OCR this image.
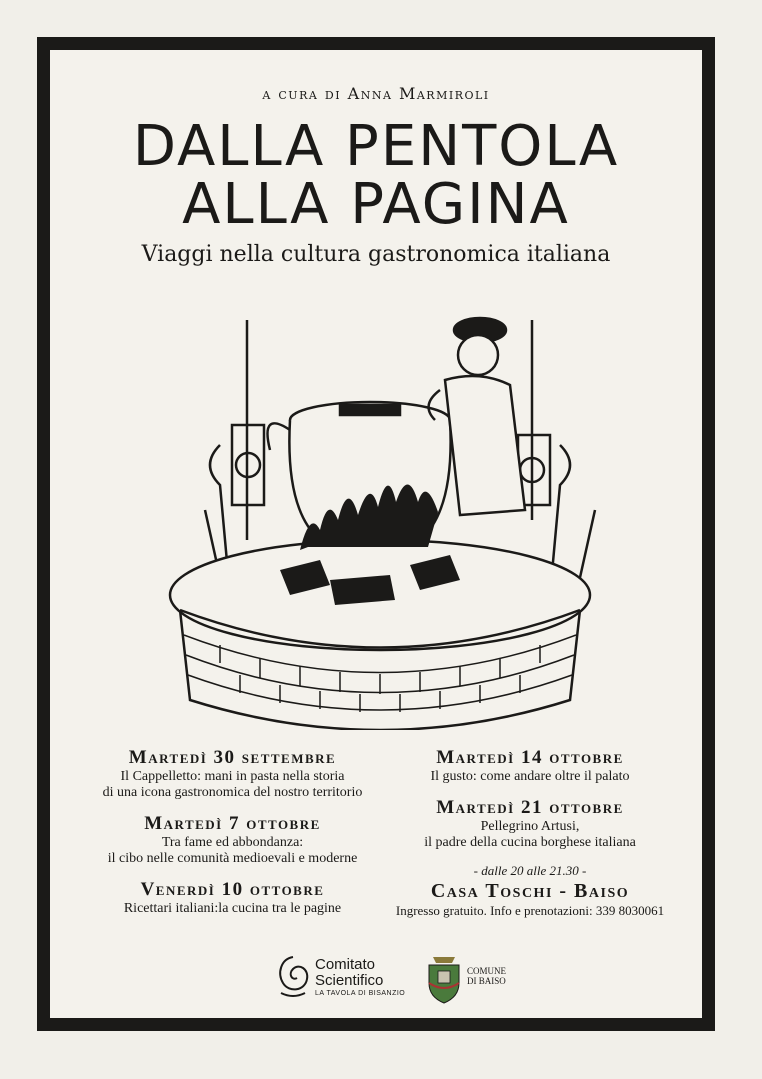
a cura di Anna Marmiroli
DALLA PENTOLA
ALLA PAGINA
Viaggi nella cultura gastronomica italiana
Martedì 30 settembre
Il Cappelletto: mani in pasta nella storia
di una icona gastronomica del nostro territorio
Martedì 7 ottobre
Tra fame ed abbondanza:
il cibo nelle comunità medioevali e moderne
Venerdì 10 ottobre
Ricettari italiani:la cucina tra le pagine
Martedì 14 ottobre
Il gusto: come andare oltre il palato
Martedì 21 ottobre
Pellegrino Artusi,
il padre della cucina borghese italiana
- dalle 20 alle 21.30 -
Casa Toschi - Baiso
Ingresso gratuito. Info e prenotazioni: 339 8030061
Comitato
Scientifico
LA TAVOLA DI BISANZIO
COMUNE
DI BAISO
